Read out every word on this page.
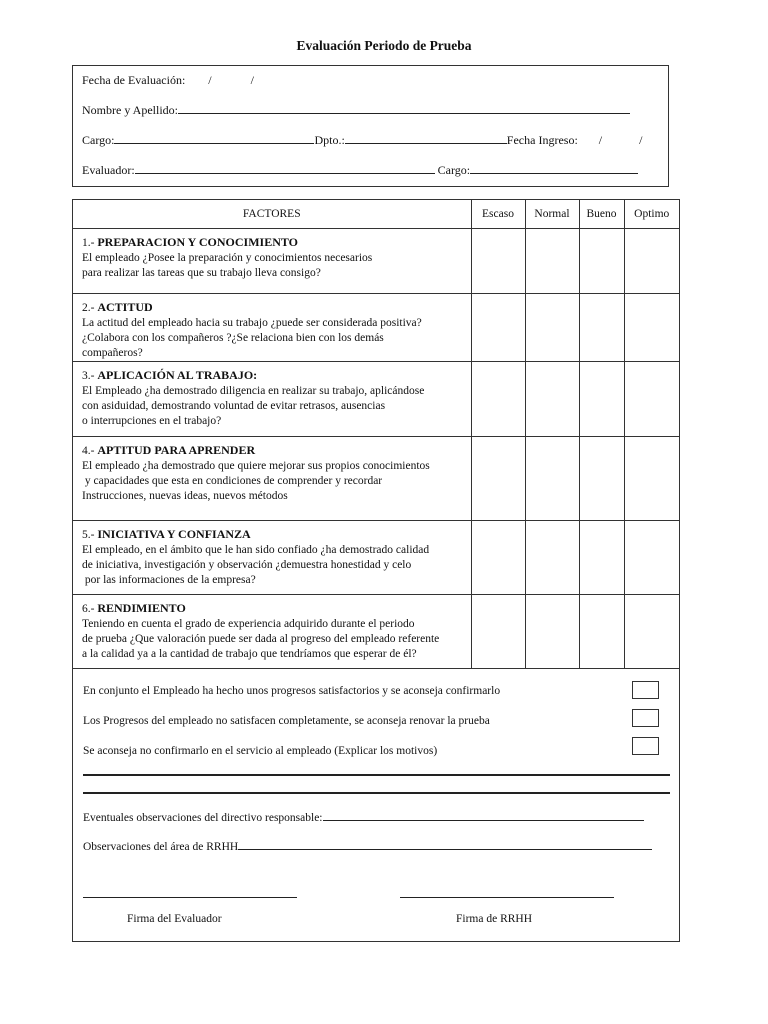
Evaluación Periodo de Prueba
Fecha de Evaluación: /	/
Nombre y Apellido:
Cargo:	Dpto.:	Fecha Ingreso: /	/
Evaluador:	Cargo:
FACTORES	Escaso	Normal	Bueno	Optimo

1.- PREPARACION Y CONOCIMIENTO
El empleado ¿Posee la preparación y conocimientos necesarios
para realizar las tareas que su trabajo lleva consigo?				

2.- ACTITUD
La actitud del empleado hacia su trabajo ¿puede ser considerada positiva?
¿Colabora con los compañeros ?¿Se relaciona bien con los demás
compañeros?				

3.- APLICACIÓN AL TRABAJO:
El Empleado ¿ha demostrado diligencia en realizar su trabajo, aplicándose
con asiduidad, demostrando voluntad de evitar retrasos, ausencias
o interrupciones en el trabajo?				

4.- APTITUD PARA APRENDER
El empleado ¿ha demostrado que quiere mejorar sus propios conocimientos
y capacidades que esta en condiciones de comprender y recordar
Instrucciones, nuevas ideas, nuevos métodos				

5.- INICIATIVA Y CONFIANZA
El empleado, en el ámbito que le han sido confiado ¿ha demostrado calidad
de iniciativa, investigación y observación ¿demuestra honestidad y celo
por las informaciones de la empresa?				

6.- RENDIMIENTO
Teniendo en cuenta el grado de experiencia adquirido durante el periodo
de prueba ¿Que valoración puede ser dada al progreso del empleado referente
a la calidad ya a la cantidad de trabajo que tendríamos que esperar de él?				

En conjunto el Empleado ha hecho unos progresos satisfactorios y se aconseja confirmarlo
Los Progresos del empleado no satisfacen completamente, se aconseja renovar la prueba
Se aconseja no confirmarlo en el servicio al empleado (Explicar los motivos)
Eventuales observaciones del directivo responsable:
Observaciones del área de RRHH
Firma del Evaluador	Firma de RRHH
